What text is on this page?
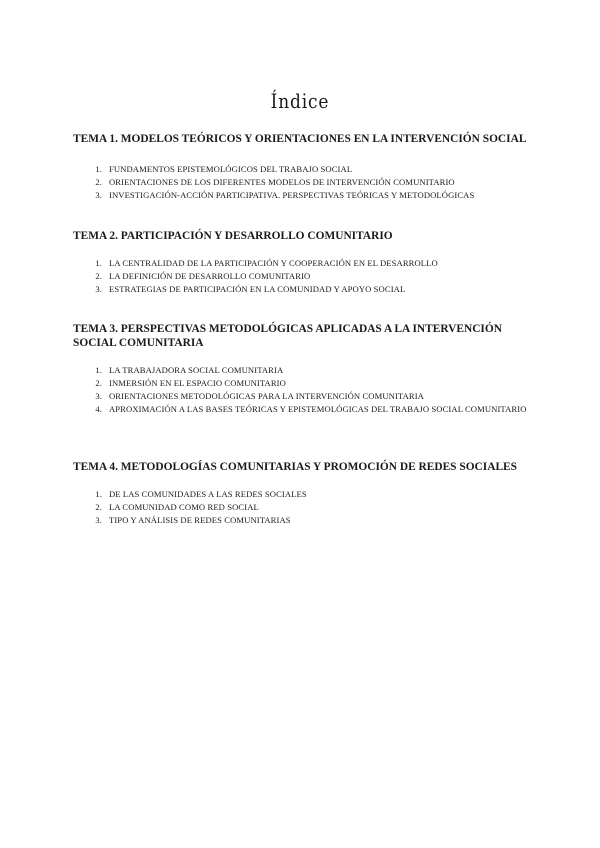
Índice
TEMA 1. MODELOS TEÓRICOS Y ORIENTACIONES EN LA INTERVENCIÓN SOCIAL
1. FUNDAMENTOS EPISTEMOLÓGICOS DEL TRABAJO SOCIAL
2. ORIENTACIONES DE LOS DIFERENTES MODELOS DE INTERVENCIÓN COMUNITARIO
3. INVESTIGACIÓN-ACCIÓN PARTICIPATIVA. PERSPECTIVAS TEÓRICAS Y METODOLÓGICAS
TEMA 2. PARTICIPACIÓN Y DESARROLLO COMUNITARIO
1. LA CENTRALIDAD DE LA PARTICIPACIÓN Y COOPERACIÓN EN EL DESARROLLO
2. LA DEFINICIÓN DE DESARROLLO COMUNITARIO
3. ESTRATEGIAS DE PARTICIPACIÓN EN LA COMUNIDAD Y APOYO SOCIAL
TEMA 3. PERSPECTIVAS METODOLÓGICAS APLICADAS A LA INTERVENCIÓN SOCIAL COMUNITARIA
1. LA TRABAJADORA SOCIAL COMUNITARIA
2. INMERSIÓN EN EL ESPACIO COMUNITARIO
3. ORIENTACIONES METODOLÓGICAS PARA LA INTERVENCIÓN COMUNITARIA
4. APROXIMACIÓN A LAS BASES TEÓRICAS Y EPISTEMOLÓGICAS DEL TRABAJO SOCIAL COMUNITARIO
TEMA 4. METODOLOGÍAS COMUNITARIAS Y PROMOCIÓN DE REDES SOCIALES
1. DE LAS COMUNIDADES A LAS REDES SOCIALES
2. LA COMUNIDAD COMO RED SOCIAL
3. TIPO Y ANÁLISIS DE REDES COMUNITARIAS
